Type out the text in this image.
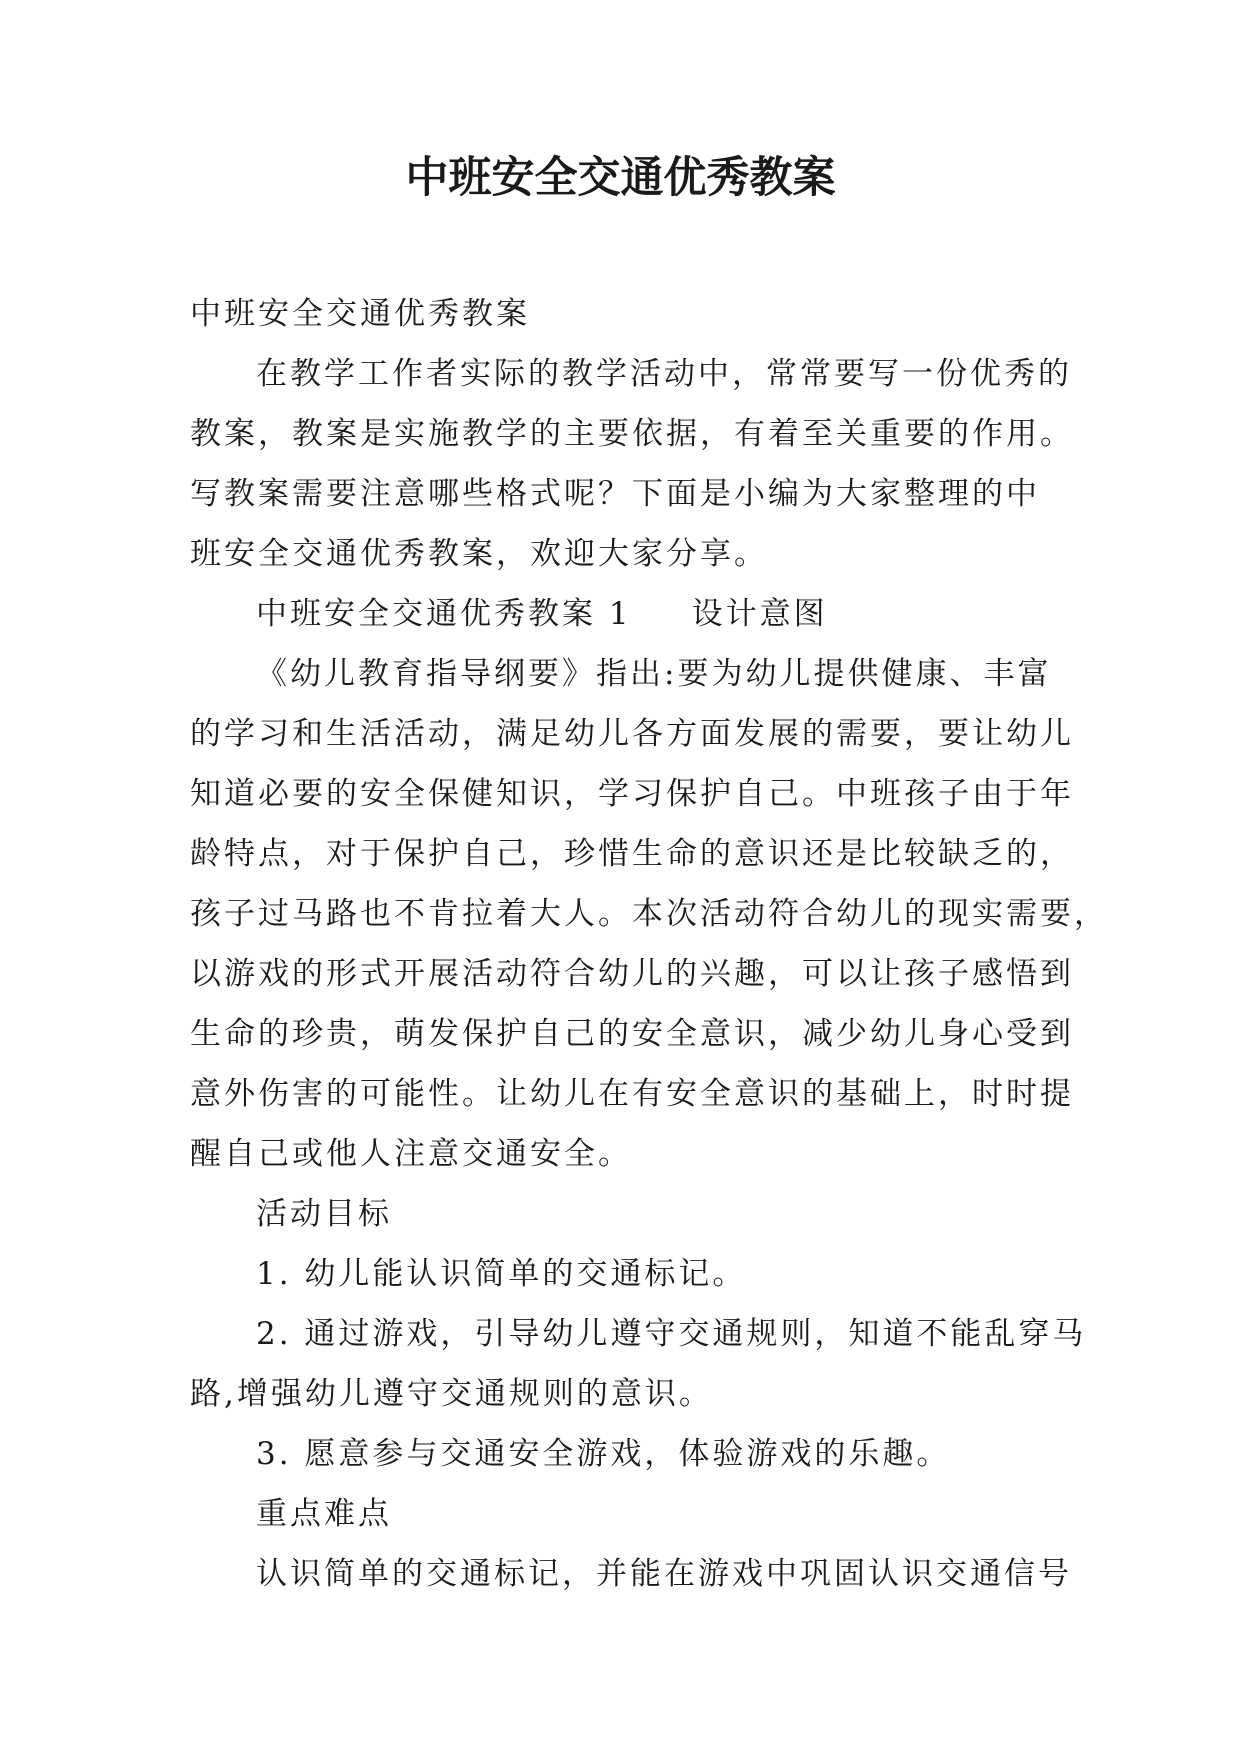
中班安全交通优秀教案
中班安全交通优秀教案
在教学工作者实际的教学活动中，常常要写一份优秀的
教案，教案是实施教学的主要依据，有着至关重要的作用。
写教案需要注意哪些格式呢？下面是小编为大家整理的中
班安全交通优秀教案，欢迎大家分享。
中班安全交通优秀教案 1 设计意图
《幼儿教育指导纲要》指出:要为幼儿提供健康、丰富
的学习和生活活动，满足幼儿各方面发展的需要，要让幼儿
知道必要的安全保健知识，学习保护自己。中班孩子由于年
龄特点，对于保护自己，珍惜生命的意识还是比较缺乏的，
孩子过马路也不肯拉着大人。本次活动符合幼儿的现实需要，
以游戏的形式开展活动符合幼儿的兴趣，可以让孩子感悟到
生命的珍贵，萌发保护自己的安全意识，减少幼儿身心受到
意外伤害的可能性。让幼儿在有安全意识的基础上，时时提
醒自己或他人注意交通安全。
活动目标
1. 幼儿能认识简单的交通标记。
2. 通过游戏，引导幼儿遵守交通规则，知道不能乱穿马
路,增强幼儿遵守交通规则的意识。
3. 愿意参与交通安全游戏，体验游戏的乐趣。
重点难点
认识简单的交通标记，并能在游戏中巩固认识交通信号
